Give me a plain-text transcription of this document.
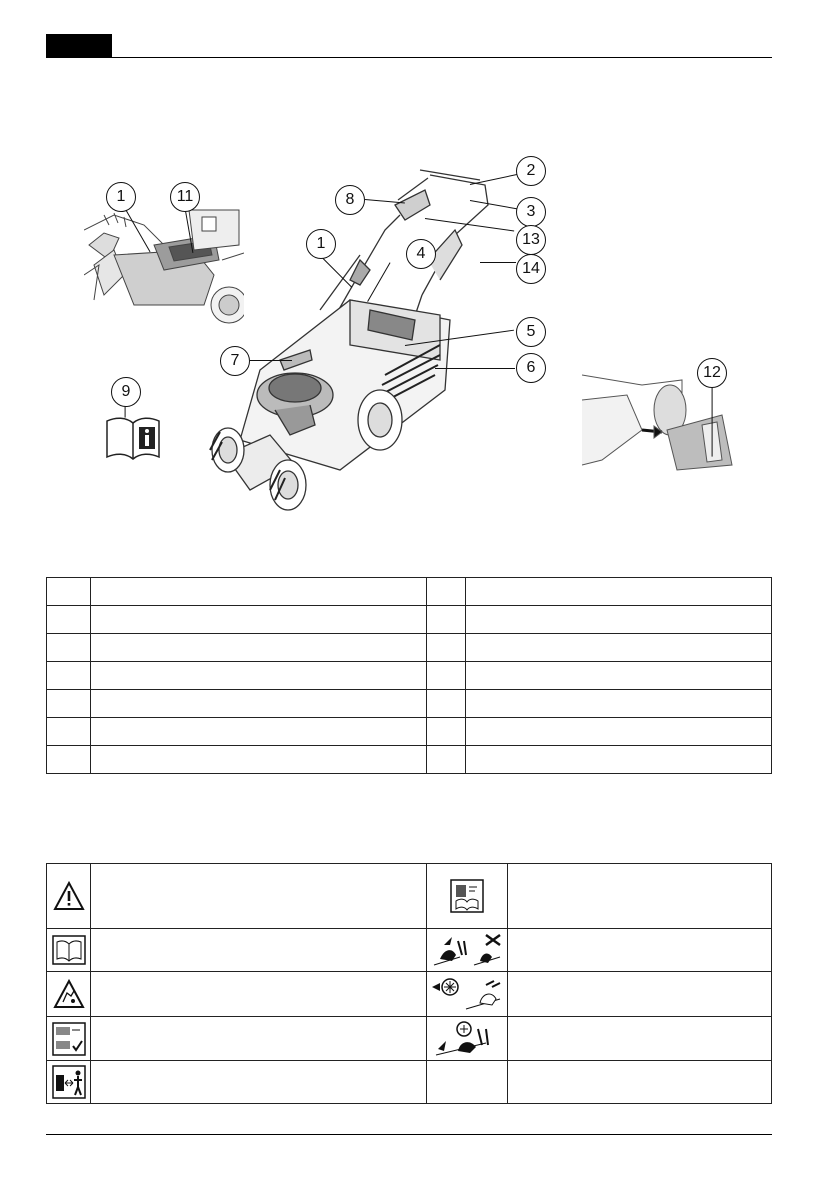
1	11	8
2
3
1
4
13
14
5
7	6
9
12
